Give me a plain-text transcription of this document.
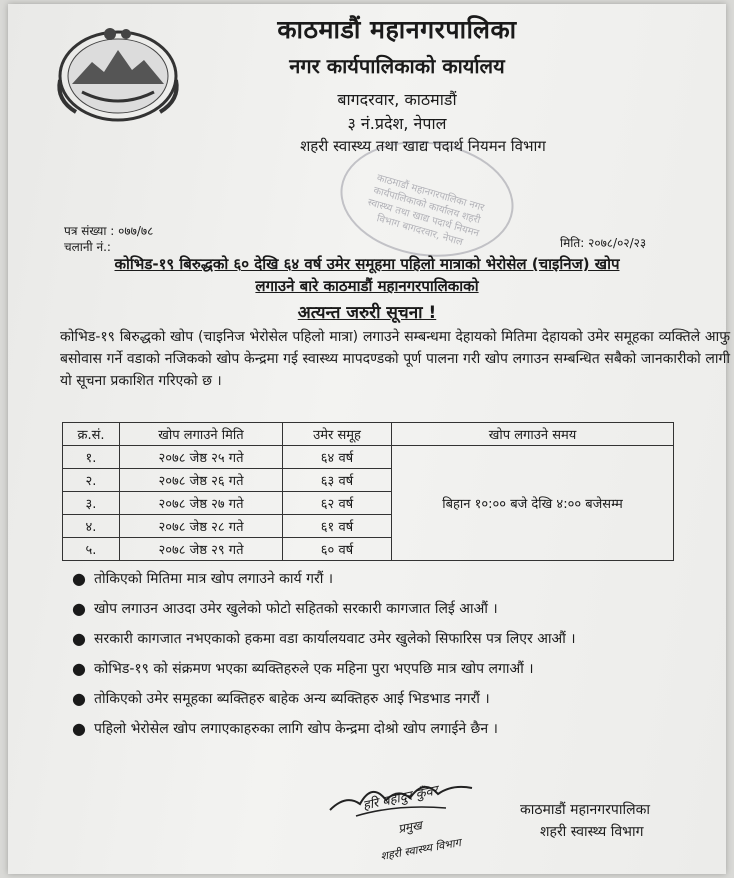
काठमाडौं महानगरपालिका
नगर कार्यपालिकाको कार्यालय
बागदरवार, काठमाडौं
३ नं.प्रदेश, नेपाल
शहरी स्वास्थ्य तथा खाद्य पदार्थ नियमन विभाग
काठमाडौं महानगरपालिका नगर कार्यपालिकाको कार्यालय शहरी स्वास्थ्य तथा खाद्य पदार्थ नियमन विभाग बागदरवार, नेपाल
पत्र संख्या : ०७७/७८
चलानी नं.:	मिति: २०७८/०२/२३
कोभिड-१९ बिरुद्धको ६० देखि ६४ वर्ष उमेर समूहमा पहिलो मात्राको भेरोसेल (चाइनिज) खोप
लगाउने बारे काठमाडौं महानगरपालिकाको
अत्यन्त जरुरी सूचना !
कोभिड-१९ बिरुद्धको खोप (चाइनिज भेरोसेल पहिलो मात्रा) लगाउने सम्बन्धमा देहायको मितिमा देहायको उमेर समूहका व्यक्तिले आफु बसोवास गर्ने वडाको नजिकको खोप केन्द्रमा गई स्वास्थ्य मापदण्डको पूर्ण पालना गरी खोप लगाउन सम्बन्धित सबैको जानकारीको लागी यो सूचना प्रकाशित गरिएको छ ।
क्र.सं.	खोप लगाउने मिति	उमेर समूह	खोप लगाउने समय
१.	२०७८ जेष्ठ २५ गते	६४ वर्ष	बिहान १०:०० बजे देखि ४:०० बजेसम्म
२.	२०७८ जेष्ठ २६ गते	६३ वर्ष	
३.	२०७८ जेष्ठ २७ गते	६२ वर्ष	
४.	२०७८ जेष्ठ २८ गते	६१ वर्ष	
५.	२०७८ जेष्ठ २९ गते	६० वर्ष	
● तोकिएको मितिमा मात्र खोप लगाउने कार्य गरौं ।
● खोप लगाउन आउदा उमेर खुलेको फोटो सहितको सरकारी कागजात लिई आऔं ।
● सरकारी कागजात नभएकाको हकमा वडा कार्यालयवाट उमेर खुलेको सिफारिस पत्र लिएर आऔं ।
● कोभिड-१९ को संक्रमण भएका ब्यक्तिहरुले एक महिना पुरा भएपछि मात्र खोप लगाऔं ।
● तोकिएको उमेर समूहका ब्यक्तिहरु बाहेक अन्य ब्यक्तिहरु आई भिडभाड नगरौं ।
● पहिलो भेरोसेल खोप लगाएकाहरुका लागि खोप केन्द्रमा दोश्रो खोप लगाईने छैन ।
हरि बहादुर कुँवर
प्रमुख
शहरी स्वास्थ्य विभाग
काठमाडौं महानगरपालिका
शहरी स्वास्थ्य विभाग
